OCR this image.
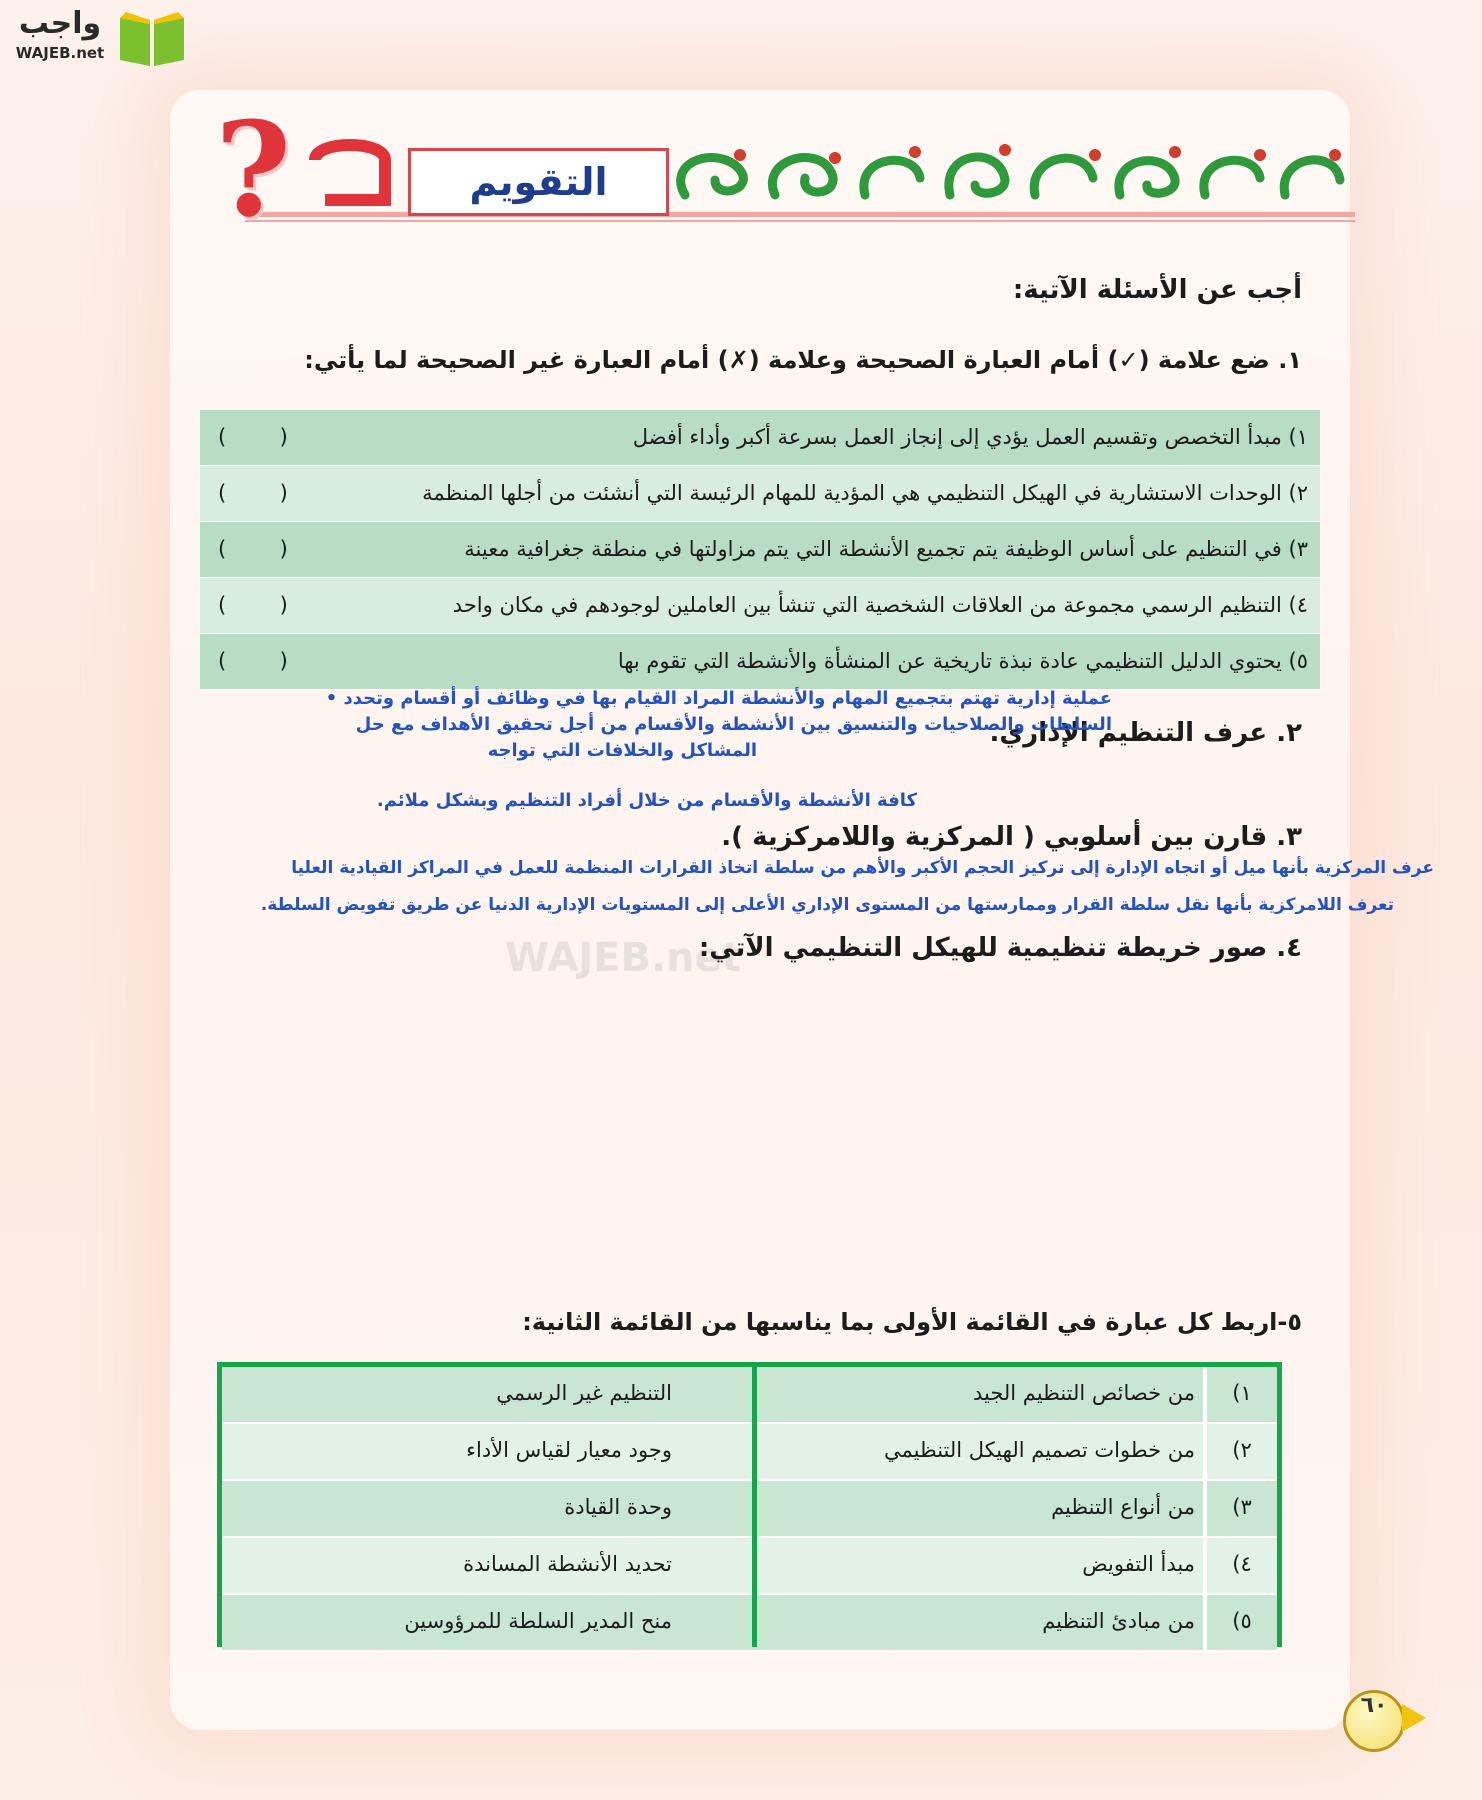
واجب
WAJEB.net
WAJEB.net
?	التقويم
أجب عن الأسئلة الآتية:
١. ضع علامة (✓) أمام العبارة الصحيحة وعلامة (✗) أمام العبارة غير الصحيحة لما يأتي:
١) مبدأ التخصص وتقسيم العمل يؤدي إلى إنجاز العمل بسرعة أكبر وأداء أفضل
(        )
٢) الوحدات الاستشارية في الهيكل التنظيمي هي المؤدية للمهام الرئيسة التي أنشئت من أجلها المنظمة
(        )
٣) في التنظيم على أساس الوظيفة يتم تجميع الأنشطة التي يتم مزاولتها في منطقة جغرافية معينة
(        )
٤) التنظيم الرسمي مجموعة من العلاقات الشخصية التي تنشأ بين العاملين لوجودهم في مكان واحد
(        )
٥) يحتوي الدليل التنظيمي عادة نبذة تاريخية عن المنشأة والأنشطة التي تقوم بها
(        )
٢. عرف التنظيم الإداري.
عملية إدارية تهتم بتجميع المهام والأنشطة المراد القيام بها في وظائف أو أقسام وتحدد •
السلطات والصلاحيات والتنسيق بين الأنشطة والأقسام من أجل تحقيق الأهداف مع حل
المشاكل والخلافات التي تواجه
كافة الأنشطة والأقسام من خلال أفراد التنظيم وبشكل ملائم.
٣. قارن بين أسلوبي ( المركزية واللامركزية ).
عرف المركزية بأنها ميل أو اتجاه الإدارة إلى تركيز الحجم الأكبر والأهم من سلطة اتخاذ القرارات المنظمة للعمل في المراكز القيادية العليا
تعرف اللامركزية بأنها نقل سلطة القرار وممارستها من المستوى الإداري الأعلى إلى المستويات الإدارية الدنيا عن طريق تفويض السلطة.
٤. صور خريطة تنظيمية للهيكل التنظيمي الآتي:
٥-اربط كل عبارة في القائمة الأولى بما يناسبها من القائمة الثانية:
١)
من خصائص التنظيم الجيد
٢)
من خطوات تصميم الهيكل التنظيمي
٣)
من أنواع التنظيم
٤)
مبدأ التفويض
٥)
من مبادئ التنظيم
التنظيم غير الرسمي
وجود معيار لقياس الأداء
وحدة القيادة
تحديد الأنشطة المساندة
منح المدير السلطة للمرؤوسين
٦٠
